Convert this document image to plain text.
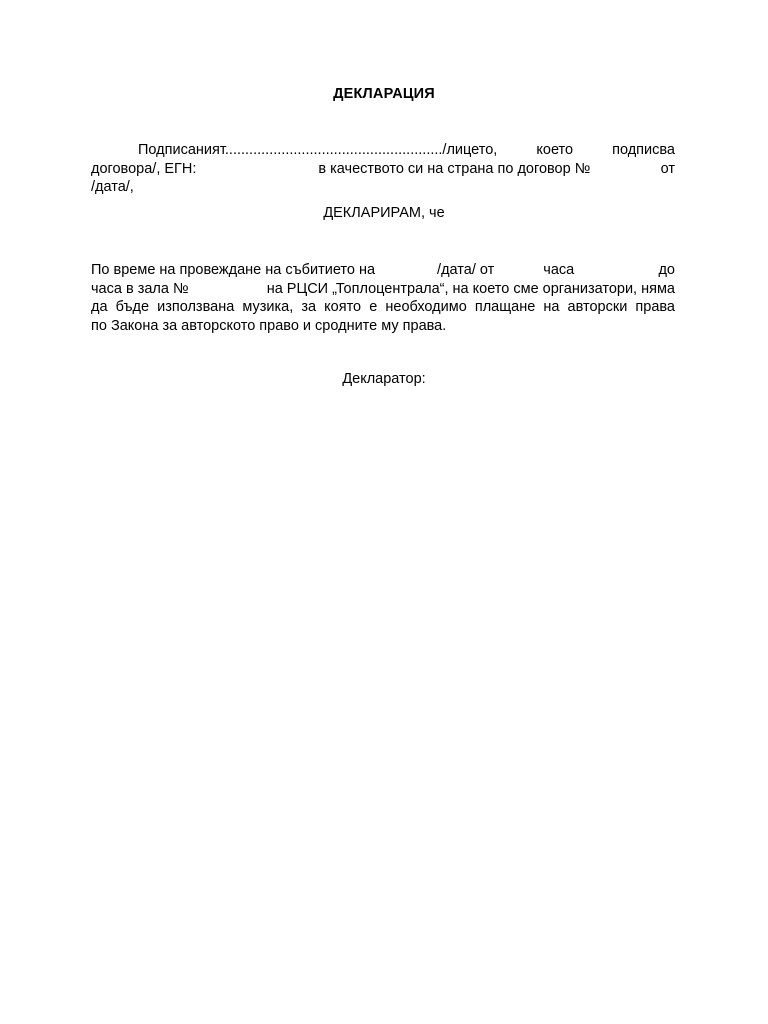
ДЕКЛАРАЦИЯ
Подписаният....................................................../лицето,	което	подписва
договора/, ЕГН:	в качеството си на страна по договор №	от
/дата/,
ДЕКЛАРИРАМ, че
По време на провеждане на събитието на	/дата/ от	часа	до
часа в зала №	на РЦСИ „Топлоцентрала“, на което сме организатори, няма
да бъде използвана музика, за която е необходимо плащане на авторски права
по Закона за авторското право и сродните му права.
Декларатор:
